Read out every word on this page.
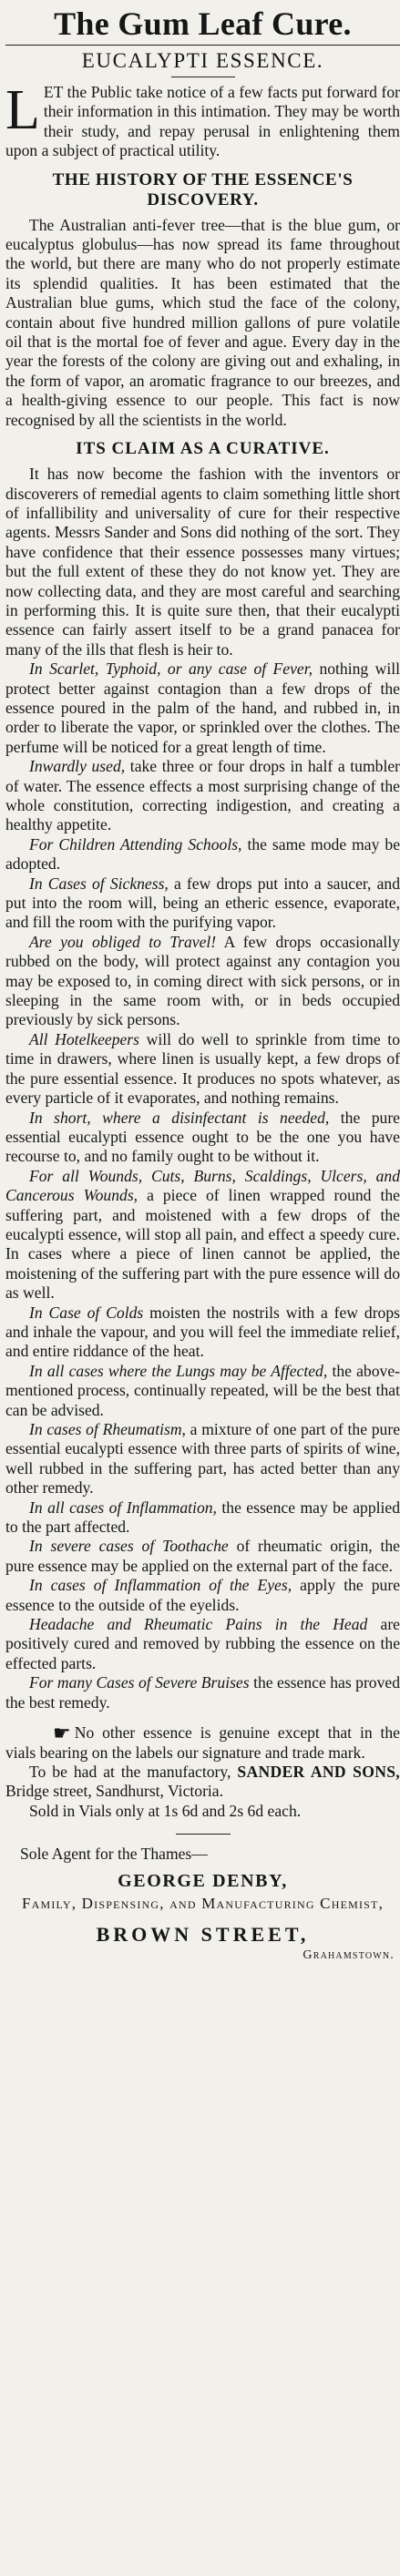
The Gum Leaf Cure.
EUCALYPTI ESSENCE.

LET the Public take notice of a few facts put forward for their information in this intimation. They may be worth their study, and repay perusal in enlightening them upon a subject of practical utility.

THE HISTORY OF THE ESSENCE'S DISCOVERY.

The Australian anti-fever tree—that is the blue gum, or eucalyptus globulus—has now spread its fame throughout the world, but there are many who do not properly estimate its splendid qualities. It has been estimated that the Australian blue gums, which stud the face of the colony, contain about five hundred million gallons of pure volatile oil that is the mortal foe of fever and ague. Every day in the year the forests of the colony are giving out and exhaling, in the form of vapor, an aromatic fragrance to our breezes, and a health-giving essence to our people. This fact is now recognised by all the scientists in the world.

ITS CLAIM AS A CURATIVE.

It has now become the fashion with the inventors or discoverers of remedial agents to claim something little short of infallibility and universality of cure for their respective agents. Messrs Sander and Sons did nothing of the sort. They have confidence that their essence possesses many virtues; but the full extent of these they do not know yet. They are now collecting data, and they are most careful and searching in performing this. It is quite sure then, that their eucalypti essence can fairly assert itself to be a grand panacea for many of the ills that flesh is heir to.

In Scarlet, Typhoid, or any case of Fever, nothing will protect better against contagion than a few drops of the essence poured in the palm of the hand, and rubbed in, in order to liberate the vapor, or sprinkled over the clothes. The perfume will be noticed for a great length of time.

Inwardly used, take three or four drops in half a tumbler of water. The essence effects a most surprising change of the whole constitution, correcting indigestion, and creating a healthy appetite.

For Children Attending Schools, the same mode may be adopted.

In Cases of Sickness, a few drops put into a saucer, and put into the room will, being an etheric essence, evaporate, and fill the room with the purifying vapor.

Are you obliged to Travel! A few drops occasionally rubbed on the body, will protect against any contagion you may be exposed to, in coming direct with sick persons, or in sleeping in the same room with, or in beds occupied previously by sick persons.

All Hotelkeepers will do well to sprinkle from time to time in drawers, where linen is usually kept, a few drops of the pure essential essence. It produces no spots whatever, as every particle of it evaporates, and nothing remains.

In short, where a disinfectant is needed, the pure essential eucalypti essence ought to be the one you have recourse to, and no family ought to be without it.

For all Wounds, Cuts, Burns, Scaldings, Ulcers, and Cancerous Wounds, a piece of linen wrapped round the suffering part, and moistened with a few drops of the eucalypti essence, will stop all pain, and effect a speedy cure. In cases where a piece of linen cannot be applied, the moistening of the suffering part with the pure essence will do as well.

In Case of Colds moisten the nostrils with a few drops and inhale the vapour, and you will feel the immediate relief, and entire riddance of the heat.

In all cases where the Lungs may be Affected, the above-mentioned process, continually repeated, will be the best that can be advised.

In cases of Rheumatism, a mixture of one part of the pure essential eucalypti essence with three parts of spirits of wine, well rubbed in the suffering part, has acted better than any other remedy.

In all cases of Inflammation, the essence may be applied to the part affected.

In severe cases of Toothache of rheumatic origin, the pure essence may be applied on the external part of the face.

In cases of Inflammation of the Eyes, apply the pure essence to the outside of the eyelids.

Headache and Rheumatic Pains in the Head are positively cured and removed by rubbing the essence on the effected parts.

For many Cases of Severe Bruises the essence has proved the best remedy.

☛ No other essence is genuine except that in the vials bearing on the labels our signature and trade mark.

To be had at the manufactory, SANDER AND SONS, Bridge street, Sandhurst, Victoria.

Sold in Vials only at 1s 6d and 2s 6d each.

Sole Agent for the Thames—
GEORGE DENBY,
Family, Dispensing, and Manufacturing Chemist,
BROWN STREET,
Grahamstown.
